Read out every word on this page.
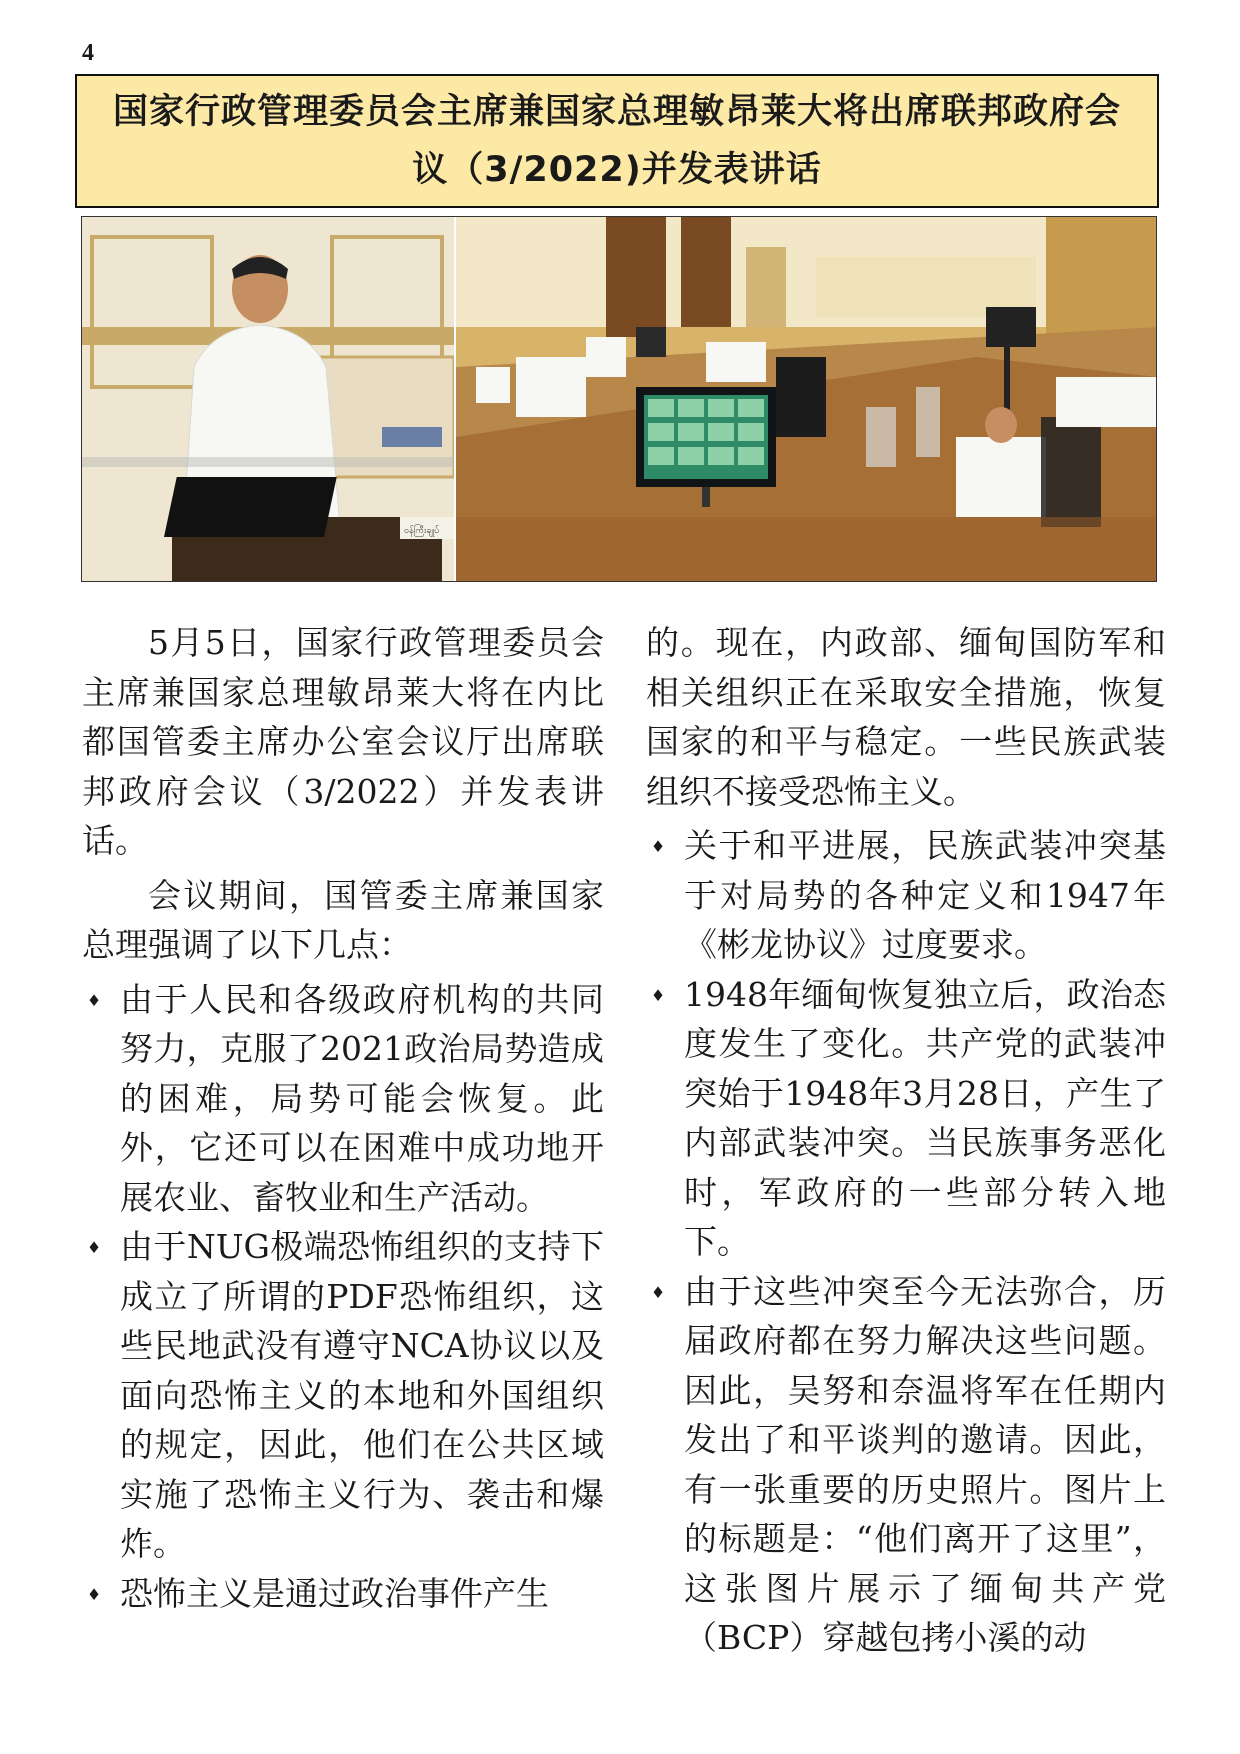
4
国家行政管理委员会主席兼国家总理敏昂莱大将出席联邦政府会议（3/2022)并发表讲话
ဝန်ကြီးချုပ်

5月5日，国家行政管理委员会主席兼国家总理敏昂莱大将在内比都国管委主席办公室会议厅出席联邦政府会议（3/2022）并发表讲话。

会议期间，国管委主席兼国家总理强调了以下几点：

♦ 由于人民和各级政府机构的共同努力，克服了2021政治局势造成的困难，局势可能会恢复。此外，它还可以在困难中成功地开展农业、畜牧业和生产活动。
♦ 由于NUG极端恐怖组织的支持下成立了所谓的PDF恐怖组织，这些民地武没有遵守NCA协议以及面向恐怖主义的本地和外国组织的规定，因此，他们在公共区域实施了恐怖主义行为、袭击和爆炸。
♦ 恐怖主义是通过政治事件产生

的。现在，内政部、缅甸国防军和相关组织正在采取安全措施，恢复国家的和平与稳定。一些民族武装组织不接受恐怖主义。

♦ 关于和平进展，民族武装冲突基于对局势的各种定义和1947年《彬龙协议》过度要求。
♦ 1948年缅甸恢复独立后，政治态度发生了变化。共产党的武装冲突始于1948年3月28日，产生了内部武装冲突。当民族事务恶化时，军政府的一些部分转入地下。
♦ 由于这些冲突至今无法弥合，历届政府都在努力解决这些问题。因此，吴努和奈温将军在任期内发出了和平谈判的邀请。因此，有一张重要的历史照片。图片上的标题是：“他们离开了这里”，这张图片展示了缅甸共产党（BCP）穿越包拷小溪的动
